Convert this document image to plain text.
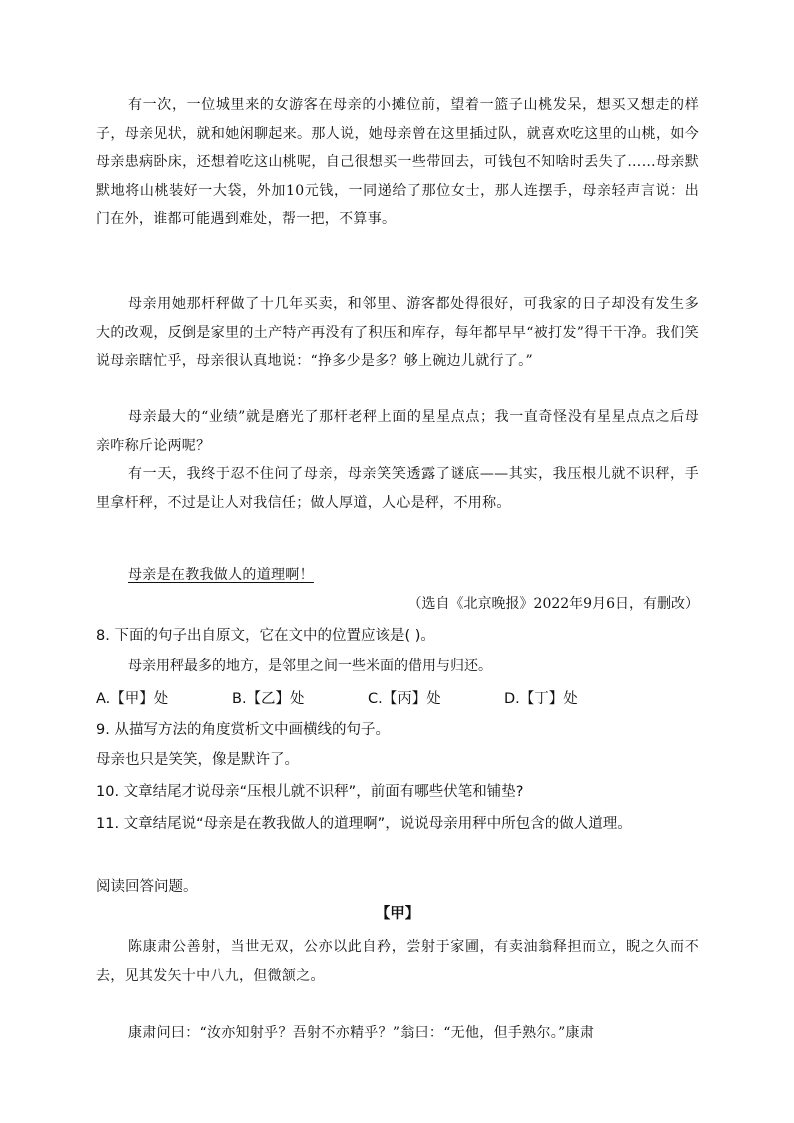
有一次，一位城里来的女游客在母亲的小摊位前，望着一篮子山桃发呆，想买又想走的样子，母亲见状，就和她闲聊起来。那人说，她母亲曾在这里插过队，就喜欢吃这里的山桃，如今母亲患病卧床，还想着吃这山桃呢，自己很想买一些带回去，可钱包不知啥时丢失了……母亲默默地将山桃装好一大袋，外加10元钱，一同递给了那位女士，那人连摆手，母亲轻声言说：出门在外，谁都可能遇到难处，帮一把，不算事。

母亲用她那杆秤做了十几年买卖，和邻里、游客都处得很好，可我家的日子却没有发生多大的改观，反倒是家里的土产特产再没有了积压和库存，每年都早早“被打发”得干干净。我们笑说母亲瞎忙乎，母亲很认真地说：“挣多少是多？够上碗边儿就行了。”

母亲最大的“业绩”就是磨光了那杆老秤上面的星星点点；我一直奇怪没有星星点点之后母亲咋称斤论两呢？

有一天，我终于忍不住问了母亲，母亲笑笑透露了谜底——其实，我压根儿就不识秤，手里拿杆秤，不过是让人对我信任；做人厚道，人心是秤，不用称。

母亲是在教我做人的道理啊！

（选自《北京晚报》2022年9月6日，有删改）

8. 下面的句子出自原文，它在文中的位置应该是( )。

母亲用秤最多的地方，是邻里之间一些米面的借用与归还。

A.【甲】处	B.【乙】处	C.【丙】处	D.【丁】处

9. 从描写方法的角度赏析文中画横线的句子。

母亲也只是笑笑，像是默许了。

10. 文章结尾才说母亲“压根儿就不识秤”，前面有哪些伏笔和铺垫?

11. 文章结尾说“母亲是在教我做人的道理啊”，说说母亲用秤中所包含的做人道理。

阅读回答问题。

【甲】

陈康肃公善射，当世无双，公亦以此自矜，尝射于家圃，有卖油翁释担而立，睨之久而不去，见其发矢十中八九，但微颔之。

康肃问曰：“汝亦知射乎？吾射不亦精乎？”翁曰：“无他，但手熟尔。”康肃
